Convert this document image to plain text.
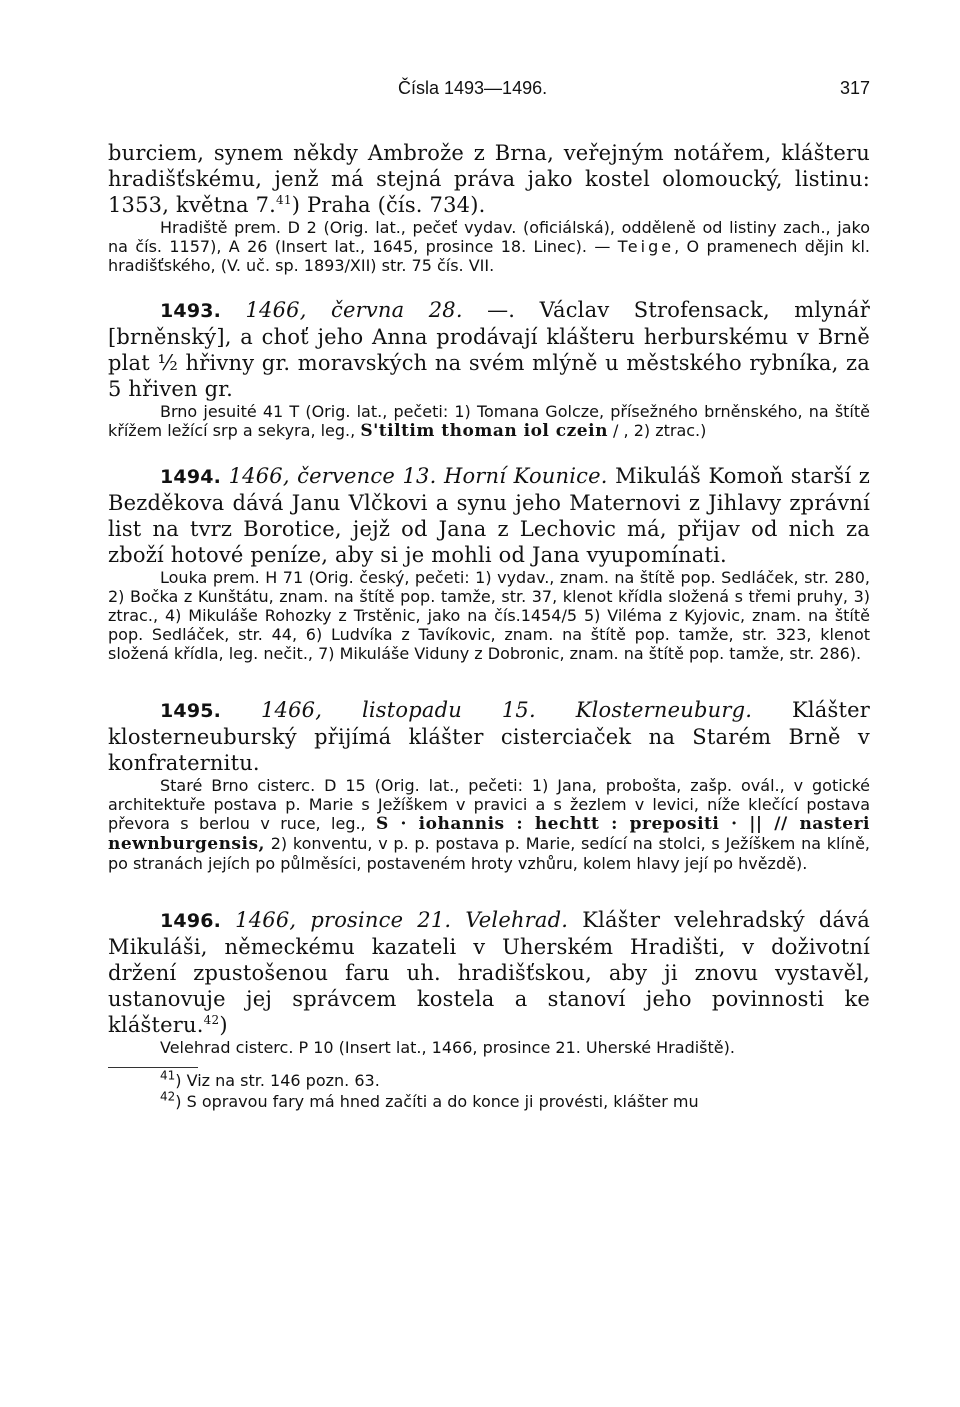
Čísla 1493—1496.	317

burciem, synem někdy Ambrože z Brna, veřejným notářem, klášteru hradišťskému, jenž má stejná práva jako kostel olomoucký, listinu: 1353, května 7.41) Praha (čís. 734).

Hradiště prem. D 2 (Orig. lat., pečeť vydav. (oficiálská), odděleně od listiny zach., jako na čís. 1157), A 26 (Insert lat., 1645, prosince 18. Linec). — Teige, O pramenech dějin kl. hradišťského, (V. uč. sp. 1893/XII) str. 75 čís. VII.

1493. 1466, června 28. —. Václav Strofensack, mlynář [brněnský], a choť jeho Anna prodávají klášteru herburskému v Brně plat ½ hřivny gr. moravských na svém mlýně u městského rybníka, za 5 hřiven gr.

Brno jesuité 41 T (Orig. lat., pečeti: 1) Tomana Golcze, přísežného brněnského, na štítě křížem ležící srp a sekyra, leg., S'tiltim thoman iol czein / , 2) ztrac.)

1494. 1466, července 13. Horní Kounice. Mikuláš Komoň starší z Bezděkova dává Janu Vlčkovi a synu jeho Maternovi z Jihlavy zprávní list na tvrz Borotice, jejž od Jana z Lechovic má, přijav od nich za zboží hotové peníze, aby si je mohli od Jana vyupomínati.

Louka prem. H 71 (Orig. český, pečeti: 1) vydav., znam. na štítě pop. Sedláček, str. 280, 2) Bočka z Kunštátu, znam. na štítě pop. tamže, str. 37, klenot křídla složená s třemi pruhy, 3) ztrac., 4) Mikuláše Rohozky z Trstěnic, jako na čís.1454/5 5) Viléma z Kyjovic, znam. na štítě pop. Sedláček, str. 44, 6) Ludvíka z Tavíkovic, znam. na štítě pop. tamže, str. 323, klenot složená křídla, leg. nečit., 7) Mikuláše Viduny z Dobronic, znam. na štítě pop. tamže, str. 286).

1495. 1466, listopadu 15. Klosterneuburg. Klášter klosterneuburský přijímá klášter cisterciaček na Starém Brně v konfraternitu.

Staré Brno cisterc. D 15 (Orig. lat., pečeti: 1) Jana, probošta, zašp. ovál., v gotické architektuře postava p. Marie s Ježíškem v pravici a s žezlem v levici, níže klečící postava převora s berlou v ruce, leg., S · iohannis : hechtt : prepositi · || // nasteri newnburgensis, 2) konventu, v p. p. postava p. Marie, sedící na stolci, s Ježíškem na klíně, po stranách jejích po půlměsíci, postaveném hroty vzhůru, kolem hlavy její po hvězdě).

1496. 1466, prosince 21. Velehrad. Klášter velehradský dává Mikuláši, německému kazateli v Uherském Hradišti, v doživotní držení zpustošenou faru uh. hradišťskou, aby ji znovu vystavěl, ustanovuje jej správcem kostela a stanoví jeho povinnosti ke klášteru.$^{42}$)

Velehrad cisterc. P 10 (Insert lat., 1466, prosince 21. Uherské Hradiště).

$^{41}$) Viz na str. 146 pozn. 63.
$^{42}$) S opravou fary má hned začíti a do konce ji provésti, klášter mu
